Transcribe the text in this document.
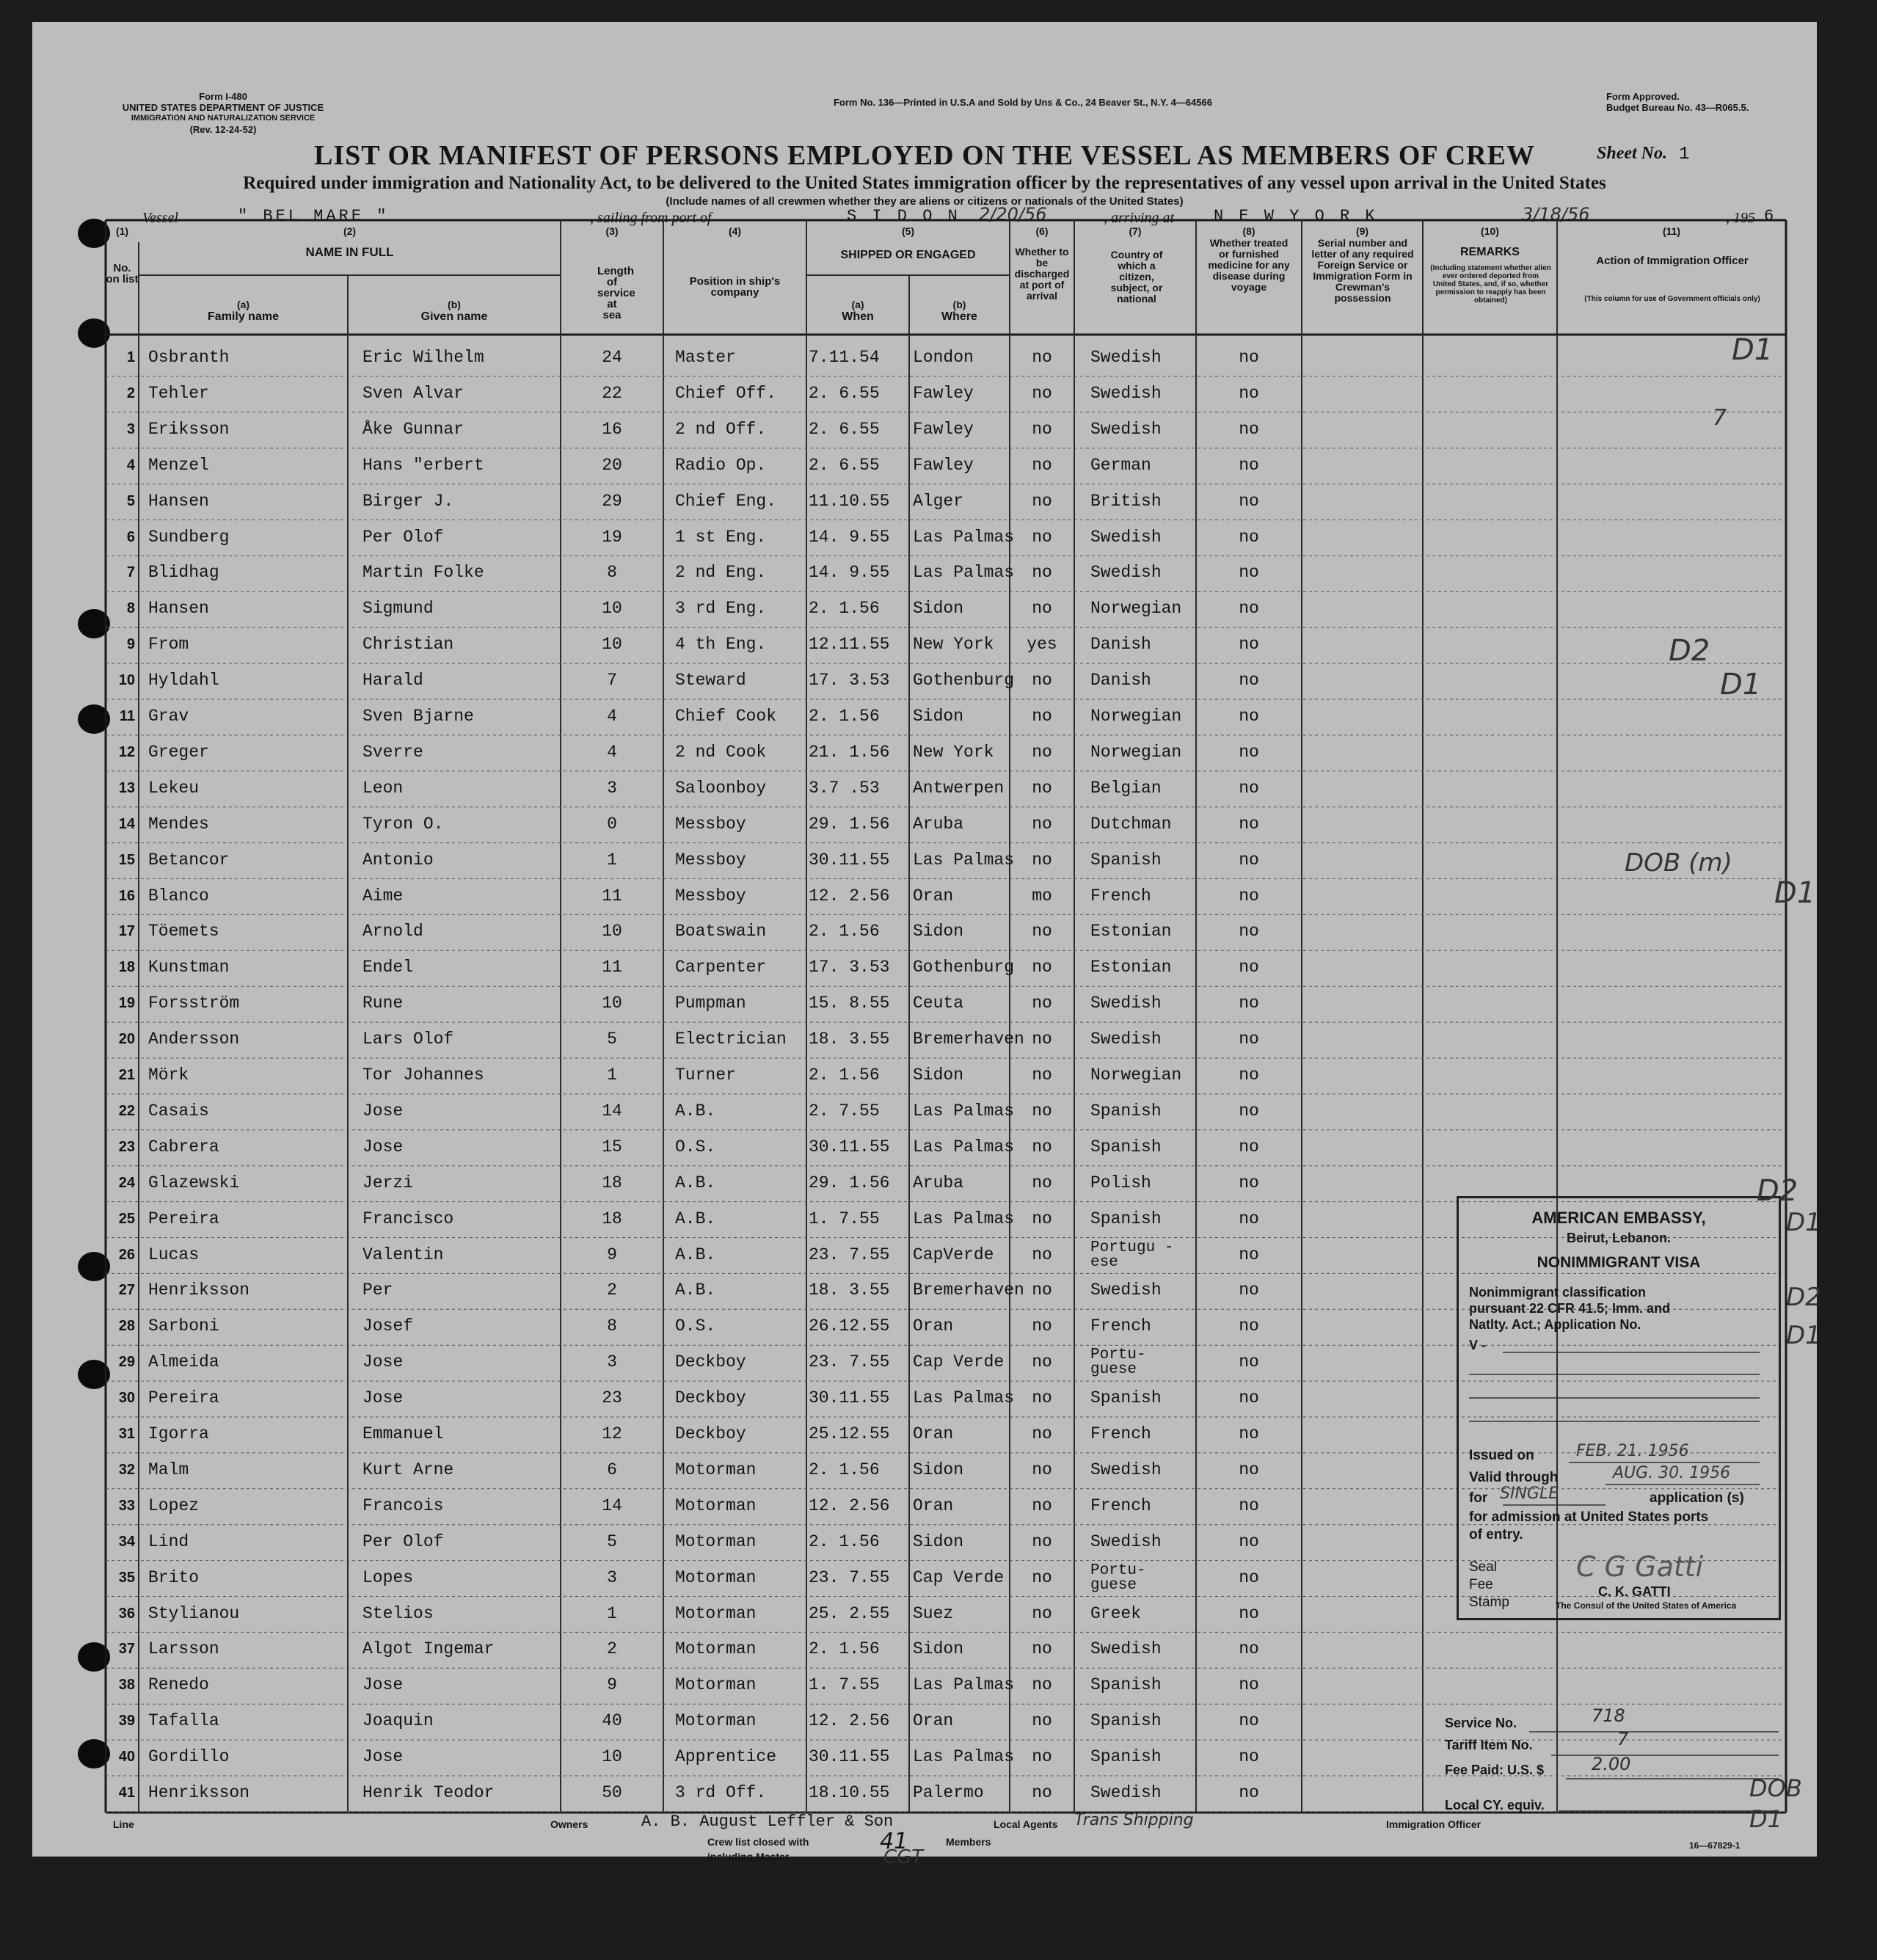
Form I-480
UNITED STATES DEPARTMENT OF JUSTICE
IMMIGRATION AND NATURALIZATION SERVICE
(Rev. 12-24-52)
Form No. 136—Printed in U.S.A and Sold by Uns & Co., 24 Beaver St., N.Y. 4—64566
Form Approved.
Budget Bureau No. 43—R065.5.
LIST OR MANIFEST OF PERSONS EMPLOYED ON THE VESSEL AS MEMBERS OF CREW	Sheet No. 1
Required under immigration and Nationality Act, to be delivered to the United States immigration officer by the representatives of any vessel upon arrival in the United States
(Include names of all crewmen whether they are aliens or citizens or nationals of the United States)
Vessel	" BEL MARE "	, sailing from port of	S I D O N 2/20/56	, arriving at N E W Y O R K	3/18/56	, 195 6
(1)
No. on list
(2)
NAME IN FULL
(a)
Family name
(b)
Given name
(3)
Length of service at sea
(4)
Position in ship's company
(5)
SHIPPED OR ENGAGED
(a)
When
(b)
Where
(6)
Whether to be discharged at port of arrival
(7)
Country of which a citizen, subject, or national
(8)
Whether treated or furnished medicine for any disease during voyage
(9)
Serial number and letter of any required Foreign Service or Immigration Form in Crewman's possession
(10)
REMARKS
(Including statement whether alien ever ordered deported from United States, and, if so, whether permission to reapply has been obtained)
(11)
Action of Immigration Officer
(This column for use of Government officials only)
1 Osbranth	Eric Wilhelm	24	Master	7.11.54 London	no	Swedish	no
2 Tehler	Sven Alvar	22	Chief Off. 2. 6.55 Fawley	no	Swedish	no
3 Eriksson	Åke Gunnar	16	2 nd Off.	2. 6.55 Fawley	no	Swedish	no
4 Menzel	Hans "erbert	20	Radio Op.	2. 6.55 Fawley	no	German	no
5 Hansen	Birger J.	29	Chief Eng. 11.10.55 Alger	no	British	no
6 Sundberg	Per Olof	19	1 st Eng.	14. 9.55 Las Palmas	no	Swedish	no
7 Blidhag	Martin Folke	8	2 nd Eng.	14. 9.55 Las Palmas	no	Swedish	no
8 Hansen	Sigmund	10	3 rd Eng.	2. 1.56 Sidon	no	Norwegian	no
9 From	Christian	10	4 th Eng.	12.11.55 New York	yes	Danish	no
10 Hyldahl	Harald	7	Steward	17. 3.53 Gothenburg	no	Danish	no
11 Grav	Sven Bjarne	4	Chief Cook 2. 1.56 Sidon	no	Norwegian	no
12 Greger	Sverre	4	2 nd Cook	21. 1.56 New York	no	Norwegian	no
13 Lekeu	Leon	3	Saloonboy	3.7 .53 Antwerpen	no	Belgian	no
14 Mendes	Tyron O.	0	Messboy	29. 1.56 Aruba	no	Dutchman	no
15 Betancor	Antonio	1	Messboy	30.11.55 Las Palmas	no	Spanish	no
16 Blanco	Aime	11	Messboy	12. 2.56 Oran	mo	French	no
17 Töemets	Arnold	10	Boatswain	2. 1.56 Sidon	no	Estonian	no
18 Kunstman	Endel	11	Carpenter	17. 3.53 Gothenburg	no	Estonian	no
19 Forsström	Rune	10	Pumpman	15. 8.55 Ceuta	no	Swedish	no
20 Andersson	Lars Olof	5	Electrician 18. 3.55 Bremerhaven no	Swedish	no
21 Mörk	Tor Johannes	1	Turner	2. 1.56 Sidon	no	Norwegian	no
22 Casais	Jose	14	A.B.	2. 7.55 Las Palmas	no	Spanish	no
23 Cabrera	Jose	15	O.S.	30.11.55 Las Palmas	no	Spanish	no
24 Glazewski	Jerzi	18	A.B.	29. 1.56 Aruba	no	Polish	no
25 Pereira	Francisco	18	A.B.	1. 7.55 Las Palmas	no	Spanish	no
26 Lucas	Valentin	9	A.B.	23. 7.55 CapVerde	no	Portugu -ese	no
27 Henriksson	Per	2	A.B.	18. 3.55 Bremerhaven no	Swedish	no
28 Sarboni	Josef	8	O.S.	26.12.55 Oran	no	French	no
29 Almeida	Jose	3	Deckboy	23. 7.55 Cap Verde	no	Portu- guese	no
30 Pereira	Jose	23	Deckboy	30.11.55 Las Palmas	no	Spanish	no
31 Igorra	Emmanuel	12	Deckboy	25.12.55 Oran	no	French	no
32 Malm	Kurt Arne	6	Motorman	2. 1.56 Sidon	no	Swedish	no
33 Lopez	Francois	14	Motorman	12. 2.56 Oran	no	French	no
34 Lind	Per Olof	5	Motorman	2. 1.56 Sidon	no	Swedish	no
35 Brito	Lopes	3	Motorman	23. 7.55 Cap Verde	no	Portu- guese	no
36 Stylianou	Stelios	1	Motorman	25. 2.55 Suez	no	Greek	no
37 Larsson	Algot Ingemar	2	Motorman	2. 1.56 Sidon	no	Swedish	no
38 Renedo	Jose	9	Motorman	1. 7.55 Las Palmas	no	Spanish	no
39 Tafalla	Joaquin	40	Motorman	12. 2.56 Oran	no	Spanish	no
40 Gordillo	Jose	10	Apprentice 30.11.55 Las Palmas	no	Spanish	no
41 Henriksson	Henrik Teodor	50	3 rd Off.	18.10.55 Palermo	no	Swedish	no
Line	Owners	A. B. August Leffler & Son	Local Agents Trans Shipping	Immigration Officer
Crew list closed with	41	Members
including Master.	CGT
16—67829-1
AMERICAN EMBASSY,
Beirut, Lebanon.
NONIMMIGRANT VISA
Nonimmigrant classification
pursuant 22 CFR 41.5; Imm. and
Natlty. Act.; Application No.
V -
Issued on	FEB. 21. 1956
Valid through	AUG. 30. 1956
for SINGLE	application (s)
for admission at United States ports
of entry.
Seal
Fee
Stamp
C G Gatti
C. K. GATTI
The Consul of the United States of America
Service No.	718
Tariff Item No.	7
Fee Paid: U.S. $	2.00
Local CY. equiv.
D1
7
D2
D1
DOB (m)
D1
D2
D1
D2
D1
DOB
D1
